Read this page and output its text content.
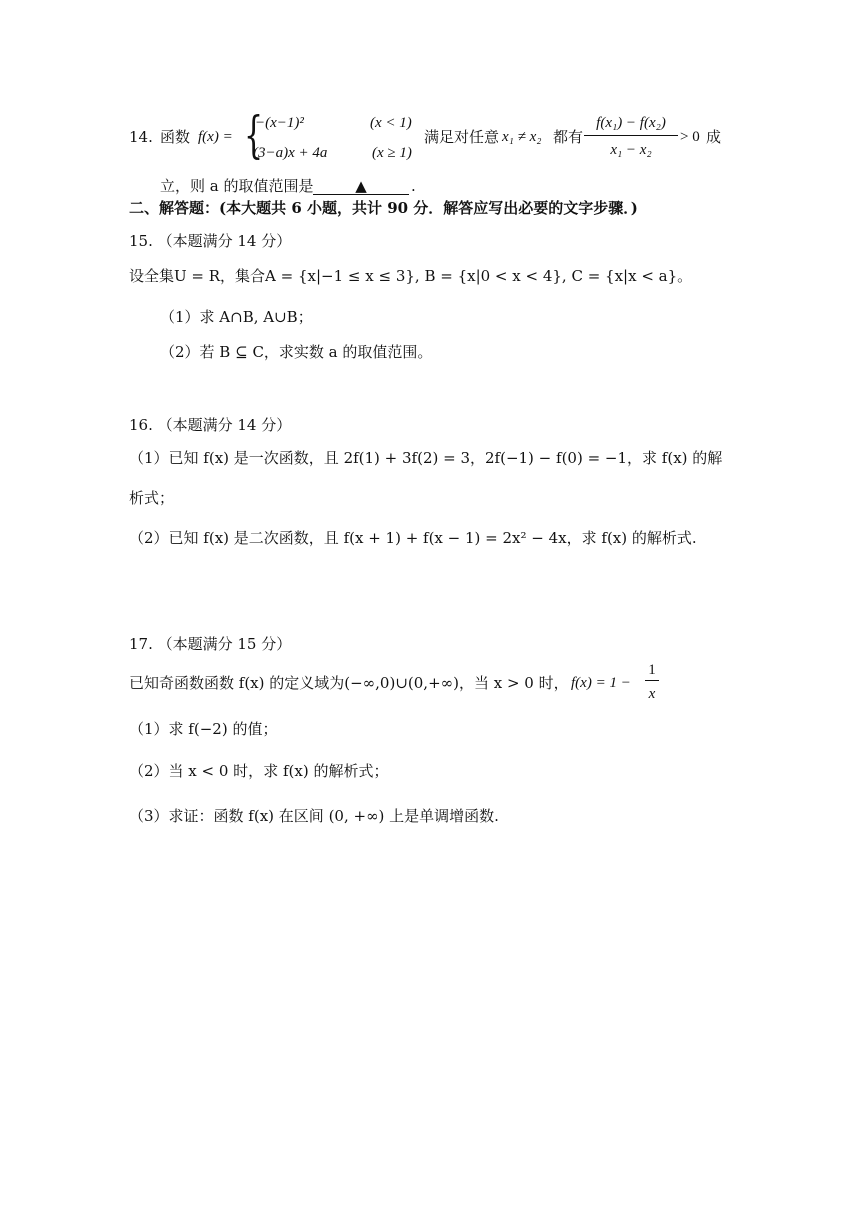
14. 函数 f(x) = {
−(x−1)²	(x < 1)
(3−a)x + 4a	(x ≥ 1)
满足对任意 x₁ ≠ x₂ 都有
f(x₁) − f(x₂)
x₁ − x₂
> 0 成
立，则 a 的取值范围是	▲	.
二、解答题：(本大题共 6 小题，共计 90 分．解答应写出必要的文字步骤．)
15. （本题满分 14 分）
设全集U = R，集合A = {x|−1 ≤ x ≤ 3}, B = {x|0 < x < 4}, C = {x|x < a}。
（1）求 A∩B, A∪B；
（2）若 B ⊆ C，求实数 a 的取值范围。
16. （本题满分 14 分）
（1）已知 f(x) 是一次函数，且 2f(1) + 3f(2) = 3，2f(−1) − f(0) = −1，求 f(x) 的解
析式；
（2）已知 f(x) 是二次函数，且 f(x + 1) + f(x − 1) = 2x² − 4x，求 f(x) 的解析式.
17. （本题满分 15 分）
已知奇函数函数 f(x) 的定义域为(−∞,0)∪(0,+∞)，当 x > 0 时， f(x) = 1 −
1
x
（1）求 f(−2) 的值；
（2）当 x < 0 时，求 f(x) 的解析式；
（3）求证：函数 f(x) 在区间 (0, +∞) 上是单调增函数.
